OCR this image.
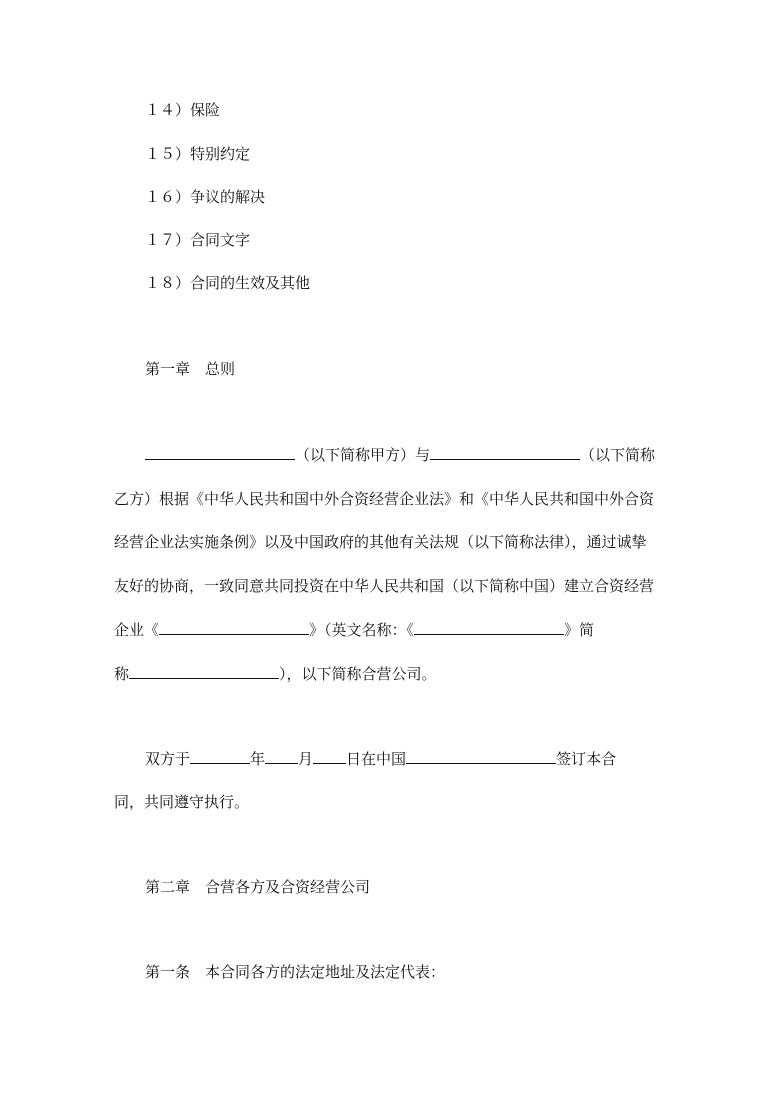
１４）保险
１５）特别约定
１６）争议的解决
１７）合同文字
１８）合同的生效及其他
第一章 总则
（以下简称甲方）与	（以下简称
乙方）根据《中华人民共和国中外合资经营企业法》和《中华人民共和国中外合资
经营企业法实施条例》以及中国政府的其他有关法规（以下简称法律），通过诚挚
友好的协商，一致同意共同投资在中华人民共和国（以下简称中国）建立合资经营
企业《	》（英文名称：《	》简
称	），以下简称合营公司。
双方于	年 月 日在中国	签订本合
同，共同遵守执行。
第二章 合营各方及合资经营公司
第一条 本合同各方的法定地址及法定代表：
